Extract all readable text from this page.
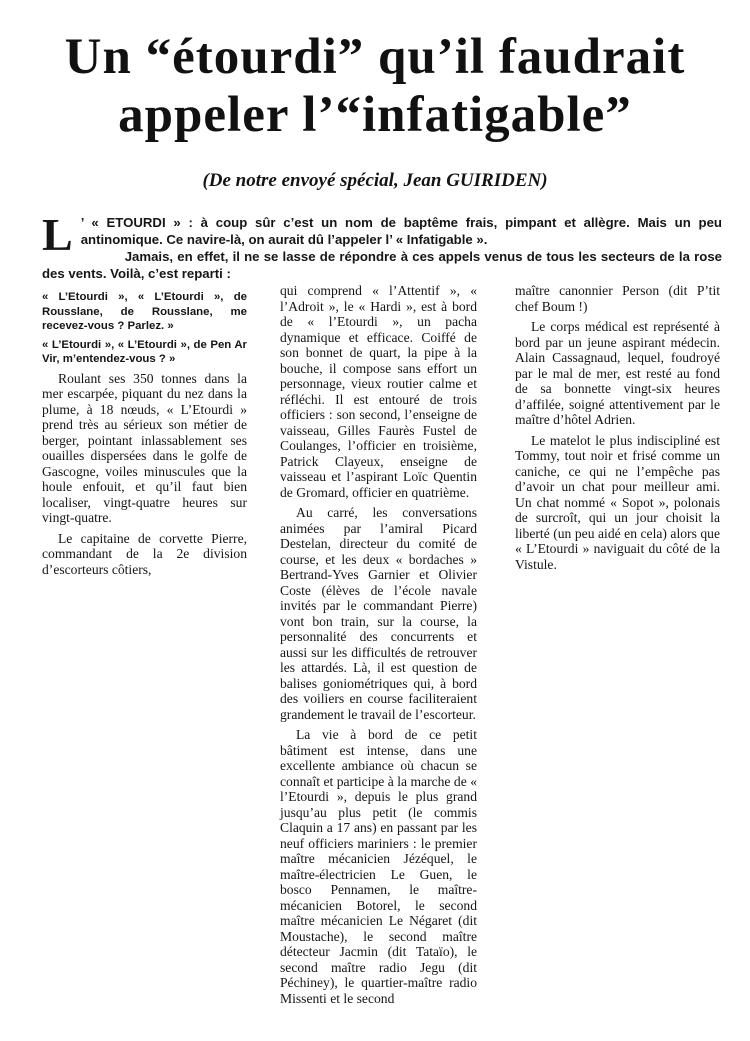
Un “étourdi” qu’il faudrait
appeler l’“infatigable”

(De notre envoyé spécial, Jean GUIRIDEN)

L ’ « ETOURDI » : à coup sûr c’est un nom de baptême frais, pimpant et allègre. Mais un peu antinomique. Ce navire-là, on aurait dû l’appeler l’ « Infatigable ».

Jamais, en effet, il ne se lasse de répondre à ces appels venus de tous les secteurs de la rose des vents. Voilà, c’est reparti :

« L’Etourdi », « L’Etourdi », de Rousslane, de Rousslane, me recevez-vous ? Parlez. »

« L’Etourdi », « L’Etourdi », de Pen Ar Vir, m’entendez-vous ? »

Roulant ses 350 tonnes dans la mer escarpée, piquant du nez dans la plume, à 18 nœuds, « L’Etourdi » prend très au sérieux son métier de berger, pointant inlassablement ses ouailles dispersées dans le golfe de Gascogne, voiles minuscules que la houle enfouit, et qu’il faut bien localiser, vingt-quatre heures sur vingt-quatre.

Le capitaine de corvette Pierre, commandant de la 2e division d’escorteurs côtiers,

qui comprend « l’Attentif », « l’Adroit », le « Hardi », est à bord de « l’Etourdi », un pacha dynamique et efficace. Coiffé de son bonnet de quart, la pipe à la bouche, il compose sans effort un personnage, vieux routier calme et réfléchi. Il est entouré de trois officiers : son second, l’enseigne de vaisseau, Gilles Faurès Fustel de Coulanges, l’officier en troisième, Patrick Clayeux, enseigne de vaisseau et l’aspirant Loïc Quentin de Gromard, officier en quatrième.

Au carré, les conversations animées par l’amiral Picard Destelan, directeur du comité de course, et les deux « bordaches » Bertrand-Yves Garnier et Olivier Coste (élèves de l’école navale invités par le commandant Pierre) vont bon train, sur la course, la personnalité des concurrents et aussi sur les difficultés de retrouver les attardés. Là, il est question de balises goniométriques qui, à bord des voiliers en course faciliteraient grandement le travail de l’escorteur.

La vie à bord de ce petit bâtiment est intense, dans une excellente ambiance où chacun se connaît et participe à la marche de « l’Etourdi », depuis le plus grand jusqu’au plus petit (le commis Claquin a 17 ans) en passant par les neuf officiers mariniers : le premier maître mécanicien Jézéquel, le maître-électricien Le Guen, le bosco Pennamen, le maître-mécanicien Botorel, le second maître mécanicien Le Négaret (dit Moustache), le second maître détecteur Jacmin (dit Tataïo), le second maître radio Jegu (dit Péchiney), le quartier-maître radio Missenti et le second

maître canonnier Person (dit P’tit chef Boum !)

Le corps médical est représenté à bord par un jeune aspirant médecin. Alain Cassagnaud, lequel, foudroyé par le mal de mer, est resté au fond de sa bonnette vingt-six heures d’affilée, soigné attentivement par le maître d’hôtel Adrien.

Le matelot le plus indiscipliné est Tommy, tout noir et frisé comme un caniche, ce qui ne l’empêche pas d’avoir un chat pour meilleur ami. Un chat nommé « Sopot », polonais de surcroît, qui un jour choisit la liberté (un peu aidé en cela) alors que « L’Etourdi » naviguait du côté de la Vistule.
